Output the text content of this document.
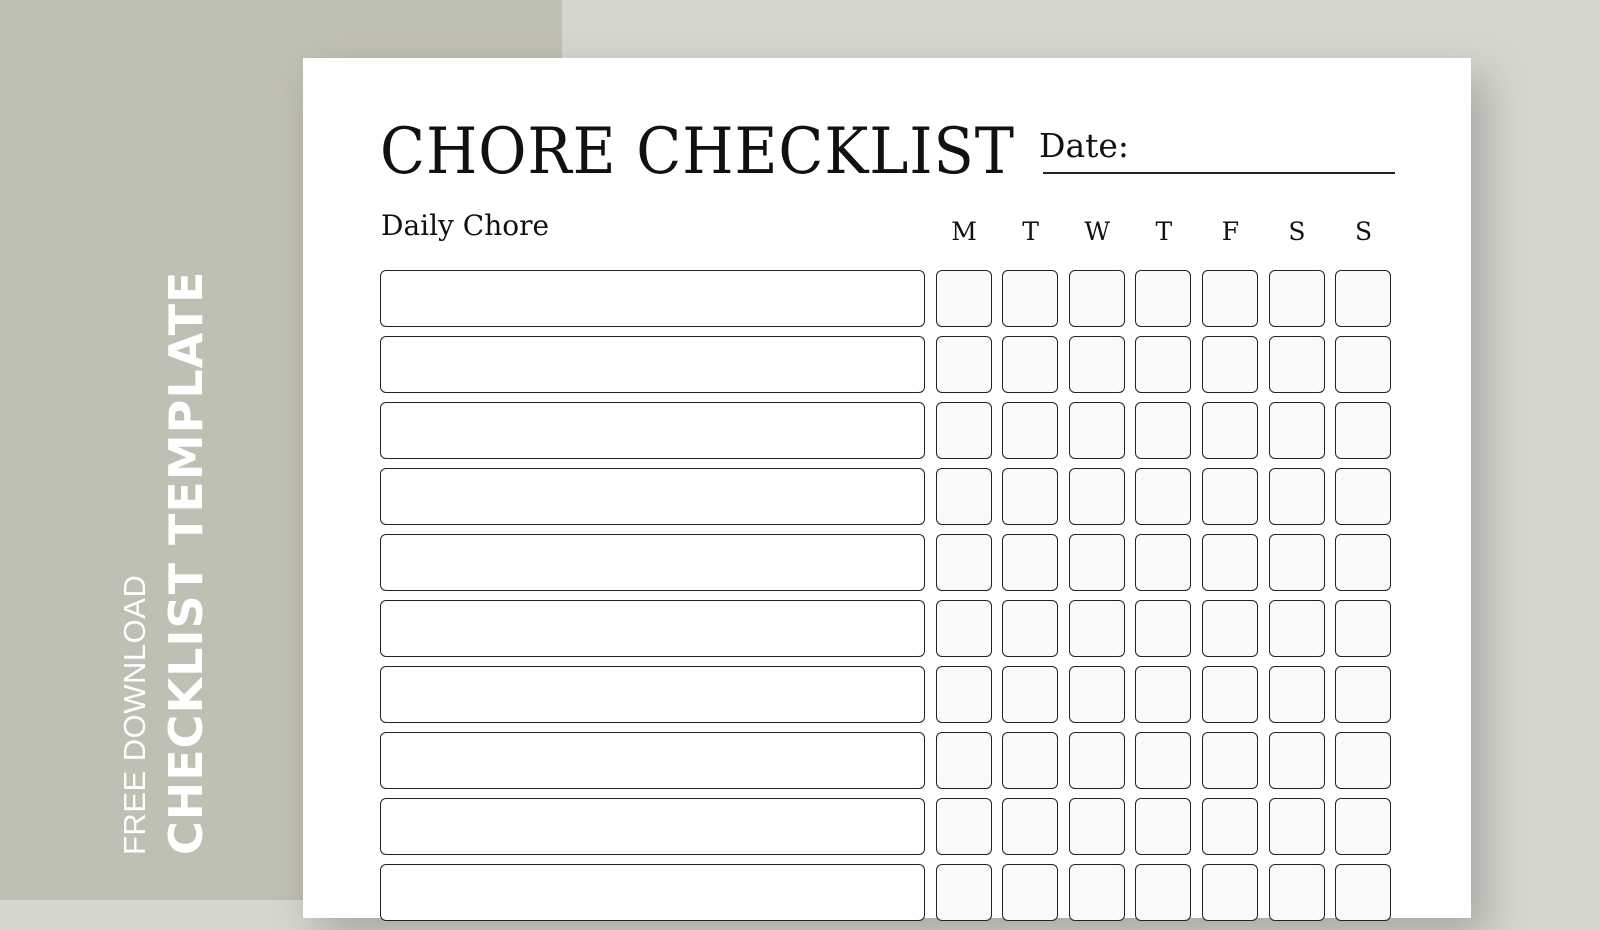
FREE DOWNLOAD CHECKLIST TEMPLATE
CHORE CHECKLIST Date:
Daily Chore	M	T	W	T	F	S	S
